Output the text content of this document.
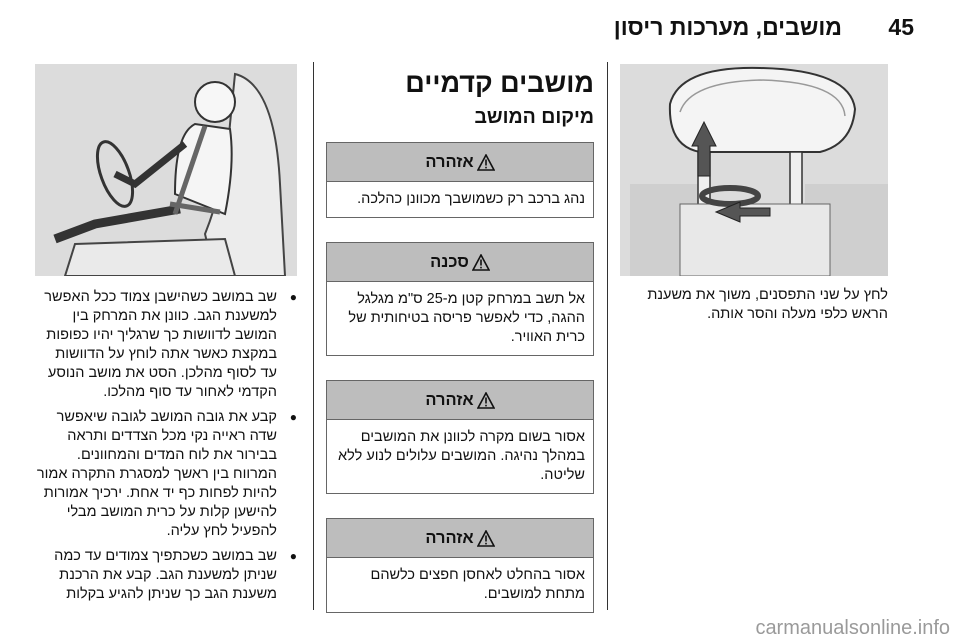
מושבים, מערכות ריסון 45
לחץ על שני התפסנים, משוך את משענת הראש כלפי מעלה והסר אותה.
מושבים קדמיים
מיקום המושב
אזהרה
נהג ברכב רק כשמושבך מכוונן כהלכה.
סכנה
אל תשב במרחק קטן מ-25 ס"מ מגלגל ההגה, כדי לאפשר פריסה בטיחותית של כרית האוויר.
אזהרה
אסור בשום מקרה לכוונן את המושבים במהלך נהיגה. המושבים עלולים לנוע ללא שליטה.
אזהרה
אסור בהחלט לאחסן חפצים כלשהם מתחת למושבים.
● שב במושב כשהישבן צמוד ככל האפשר למשענת הגב. כוונן את המרחק בין המושב לדוושות כך שרגליך יהיו כפופות במקצת כאשר אתה לוחץ על הדוושות עד לסוף מהלכן. הסט את מושב הנוסע הקדמי לאחור עד סוף מהלכו.
● קבע את גובה המושב לגובה שיאפשר שדה ראייה נקי מכל הצדדים ותראה בבירור את לוח המדים והמחוונים. המרווח בין ראשך למסגרת התקרה אמור להיות לפחות כף יד אחת. ירכיך אמורות להישען קלות על כרית המושב מבלי להפעיל לחץ עליה.
● שב במושב כשכתפיך צמודים עד כמה שניתן למשענת הגב. קבע את הרכנת משענת הגב כך שניתן להגיע בקלות
carmanualsonline.info
